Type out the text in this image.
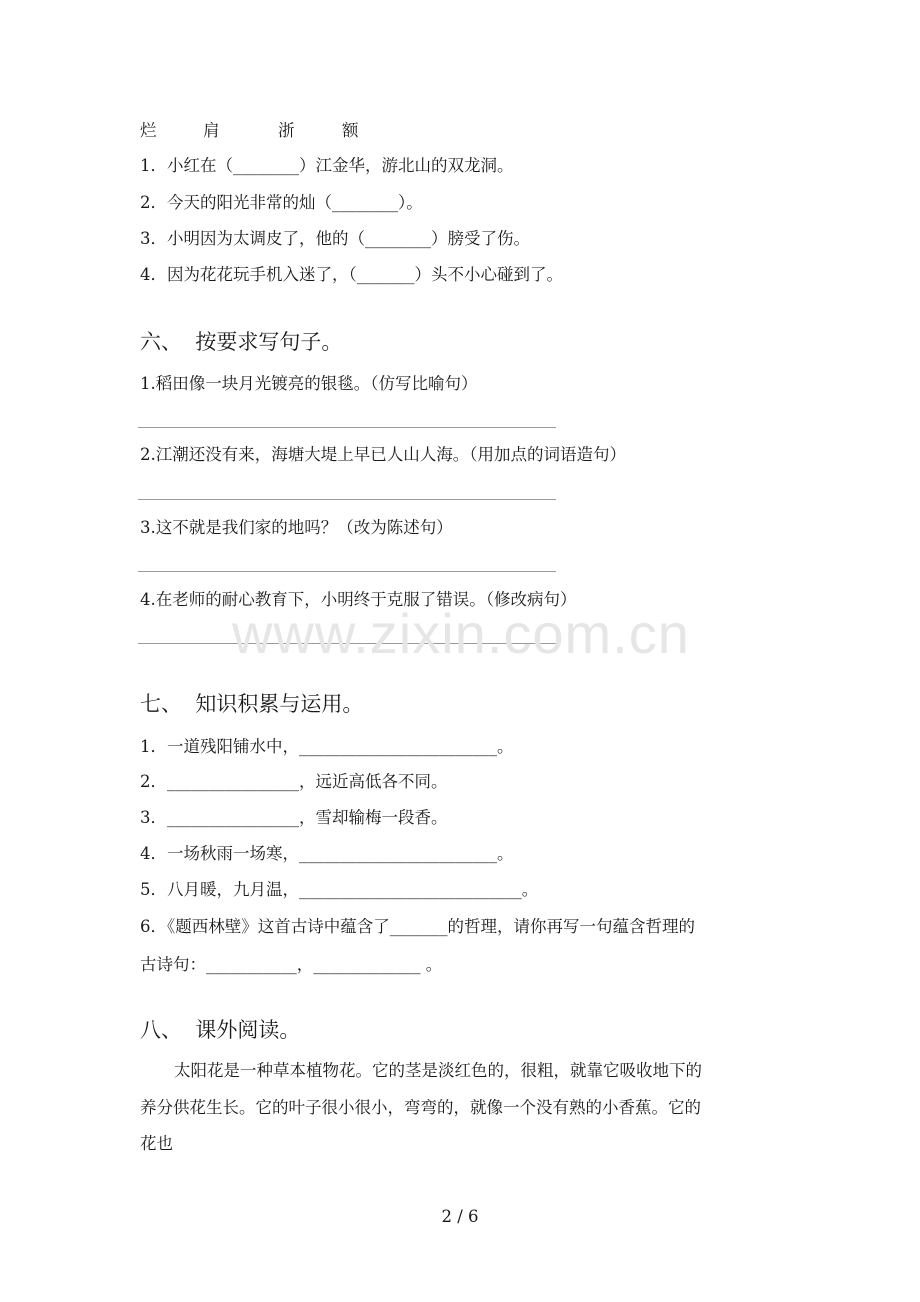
烂	肩	浙	额
1．小红在（________）江金华，游北山的双龙洞。
2．今天的阳光非常的灿（________）。
3．小明因为太调皮了，他的（________）膀受了伤。
4．因为花花玩手机入迷了，（_______）头不小心碰到了。
六、  按要求写句子。
1.稻田像一块月光镀亮的银毯。（仿写比喻句）
2.江潮还没有来，海塘大堤上早已人山人海。（用加点的词语造句）
3.这不就是我们家的地吗？（改为陈述句）
4.在老师的耐心教育下，小明终于克服了错误。（修改病句）
www.zixin.com.cn
七、  知识积累与运用。
1．一道残阳铺水中，________________________。
2．________________，远近高低各不同。
3．________________，雪却输梅一段香。
4．一场秋雨一场寒，________________________。
5．八月暖，九月温，___________________________。
6．《题西林壁》这首古诗中蕴含了_______的哲理，请你再写一句蕴含哲理的
古诗句：___________，_____________ 。
八、  课外阅读。
太阳花是一种草本植物花。它的茎是淡红色的，很粗，就靠它吸收地下的
养分供花生长。它的叶子很小很小，弯弯的，就像一个没有熟的小香蕉。它的
花也
2 / 6
